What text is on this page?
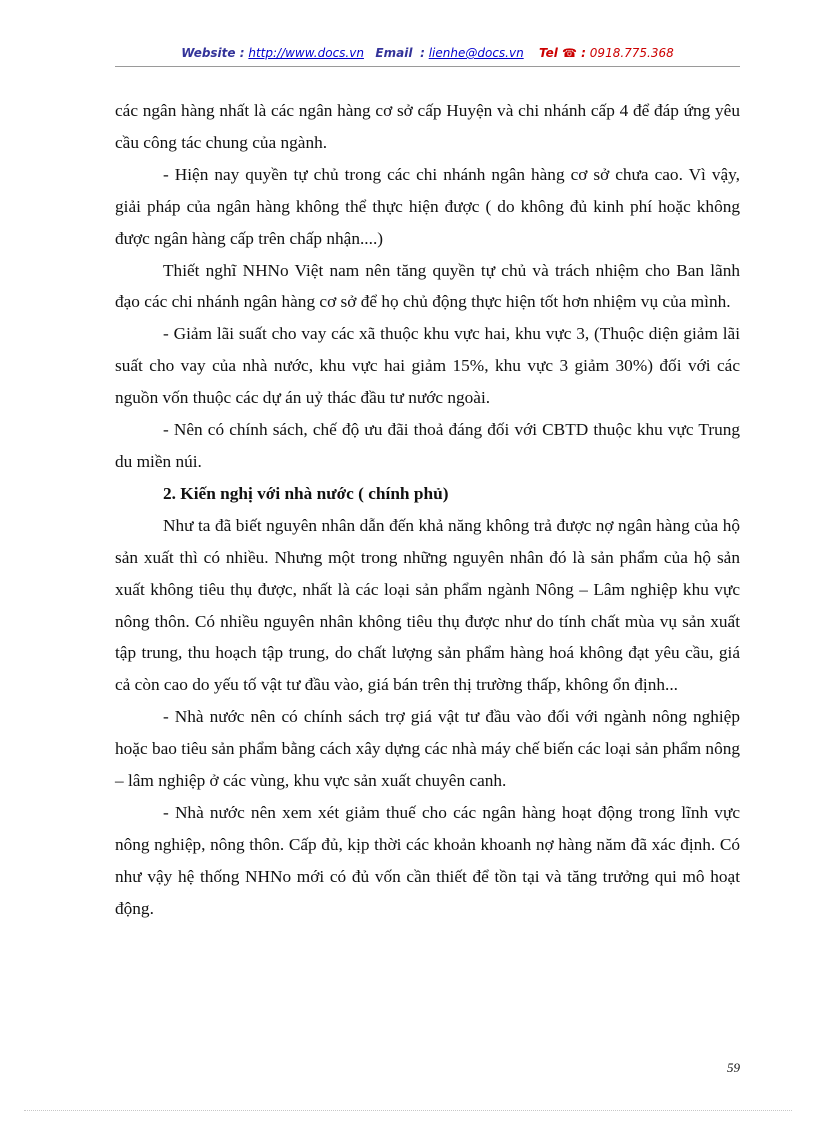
Website : http://www.docs.vn Email : lienhe@docs.vn Tel ☎ : 0918.775.368

các ngân hàng nhất là các ngân hàng cơ sở cấp Huyện và chi nhánh cấp 4 để đáp ứng yêu cầu công tác chung của ngành.

- Hiện nay quyền tự chủ trong các chi nhánh ngân hàng cơ sở chưa cao. Vì vậy, giải pháp của ngân hàng không thể thực hiện được ( do không đủ kinh phí hoặc không được ngân hàng cấp trên chấp nhận....)

Thiết nghĩ NHNo Việt nam nên tăng quyền tự chủ và trách nhiệm cho Ban lãnh đạo các chi nhánh ngân hàng cơ sở để họ chủ động thực hiện tốt hơn nhiệm vụ của mình.

- Giảm lãi suất cho vay các xã thuộc khu vực hai, khu vực 3, (Thuộc diện giảm lãi suất cho vay của nhà nước, khu vực hai giảm 15%, khu vực 3 giảm 30%) đối với các nguồn vốn thuộc các dự án uỷ thác đầu tư nước ngoài.

- Nên có chính sách, chế độ ưu đãi thoả đáng đối với CBTD thuộc khu vực Trung du miền núi.

2. Kiến nghị với nhà nước ( chính phủ)

Như ta đã biết nguyên nhân dẫn đến khả năng không trả được nợ ngân hàng của hộ sản xuất thì có nhiều. Nhưng một trong những nguyên nhân đó là sản phẩm của hộ sản xuất không tiêu thụ được, nhất là các loại sản phẩm ngành Nông – Lâm nghiệp khu vực nông thôn. Có nhiều nguyên nhân không tiêu thụ được như do tính chất mùa vụ sản xuất tập trung, thu hoạch tập trung, do chất lượng sản phẩm hàng hoá không đạt yêu cầu, giá cả còn cao do yếu tố vật tư đầu vào, giá bán trên thị trường thấp, không ổn định...

- Nhà nước nên có chính sách trợ giá vật tư đầu vào đối với ngành nông nghiệp hoặc bao tiêu sản phẩm bằng cách xây dựng các nhà máy chế biến các loại sản phẩm nông – lâm nghiệp ở các vùng, khu vực sản xuất chuyên canh.

- Nhà nước nên xem xét giảm thuế cho các ngân hàng hoạt động trong lĩnh vực nông nghiệp, nông thôn. Cấp đủ, kịp thời các khoản khoanh nợ hàng năm đã xác định. Có như vậy hệ thống NHNo mới có đủ vốn cần thiết để tồn tại và tăng trưởng qui mô hoạt động.

59
